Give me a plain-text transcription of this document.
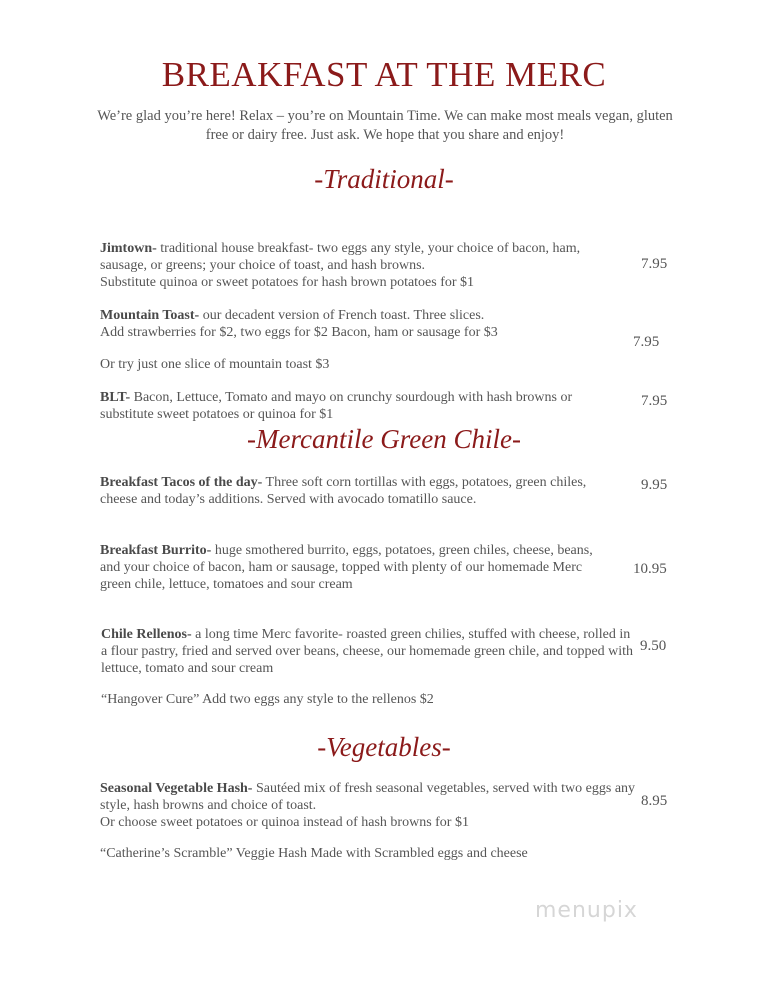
BREAKFAST AT THE MERC
We’re glad you’re here! Relax – you’re on Mountain Time. We can make most meals vegan, gluten free or dairy free. Just ask. We hope that you share and enjoy!
-Traditional-
Jimtown- traditional house breakfast- two eggs any style, your choice of bacon, ham, sausage, or greens; your choice of toast, and hash browns.
Substitute quinoa or sweet potatoes for hash brown potatoes for $1
7.95
Mountain Toast- our decadent version of French toast. Three slices.
Add strawberries for $2, two eggs for $2 Bacon, ham or sausage for $3
7.95
Or try just one slice of mountain toast $3
BLT- Bacon, Lettuce, Tomato and mayo on crunchy sourdough with hash browns or substitute sweet potatoes or quinoa for $1
7.95
-Mercantile Green Chile-
Breakfast Tacos of the day- Three soft corn tortillas with eggs, potatoes, green chiles, cheese and today’s additions. Served with avocado tomatillo sauce.
9.95
Breakfast Burrito- huge smothered burrito, eggs, potatoes, green chiles, cheese, beans, and your choice of bacon, ham or sausage, topped with plenty of our homemade Merc green chile, lettuce, tomatoes and sour cream
10.95
Chile Rellenos- a long time Merc favorite- roasted green chilies, stuffed with cheese, rolled in a flour pastry, fried and served over beans, cheese, our homemade green chile, and topped with lettuce, tomato and sour cream
9.50
“Hangover Cure” Add two eggs any style to the rellenos $2
-Vegetables-
Seasonal Vegetable Hash- Sautéed mix of fresh seasonal vegetables, served with two eggs any style, hash browns and choice of toast.
Or choose sweet potatoes or quinoa instead of hash browns for $1
8.95
“Catherine’s Scramble” Veggie Hash Made with Scrambled eggs and cheese
menupix
